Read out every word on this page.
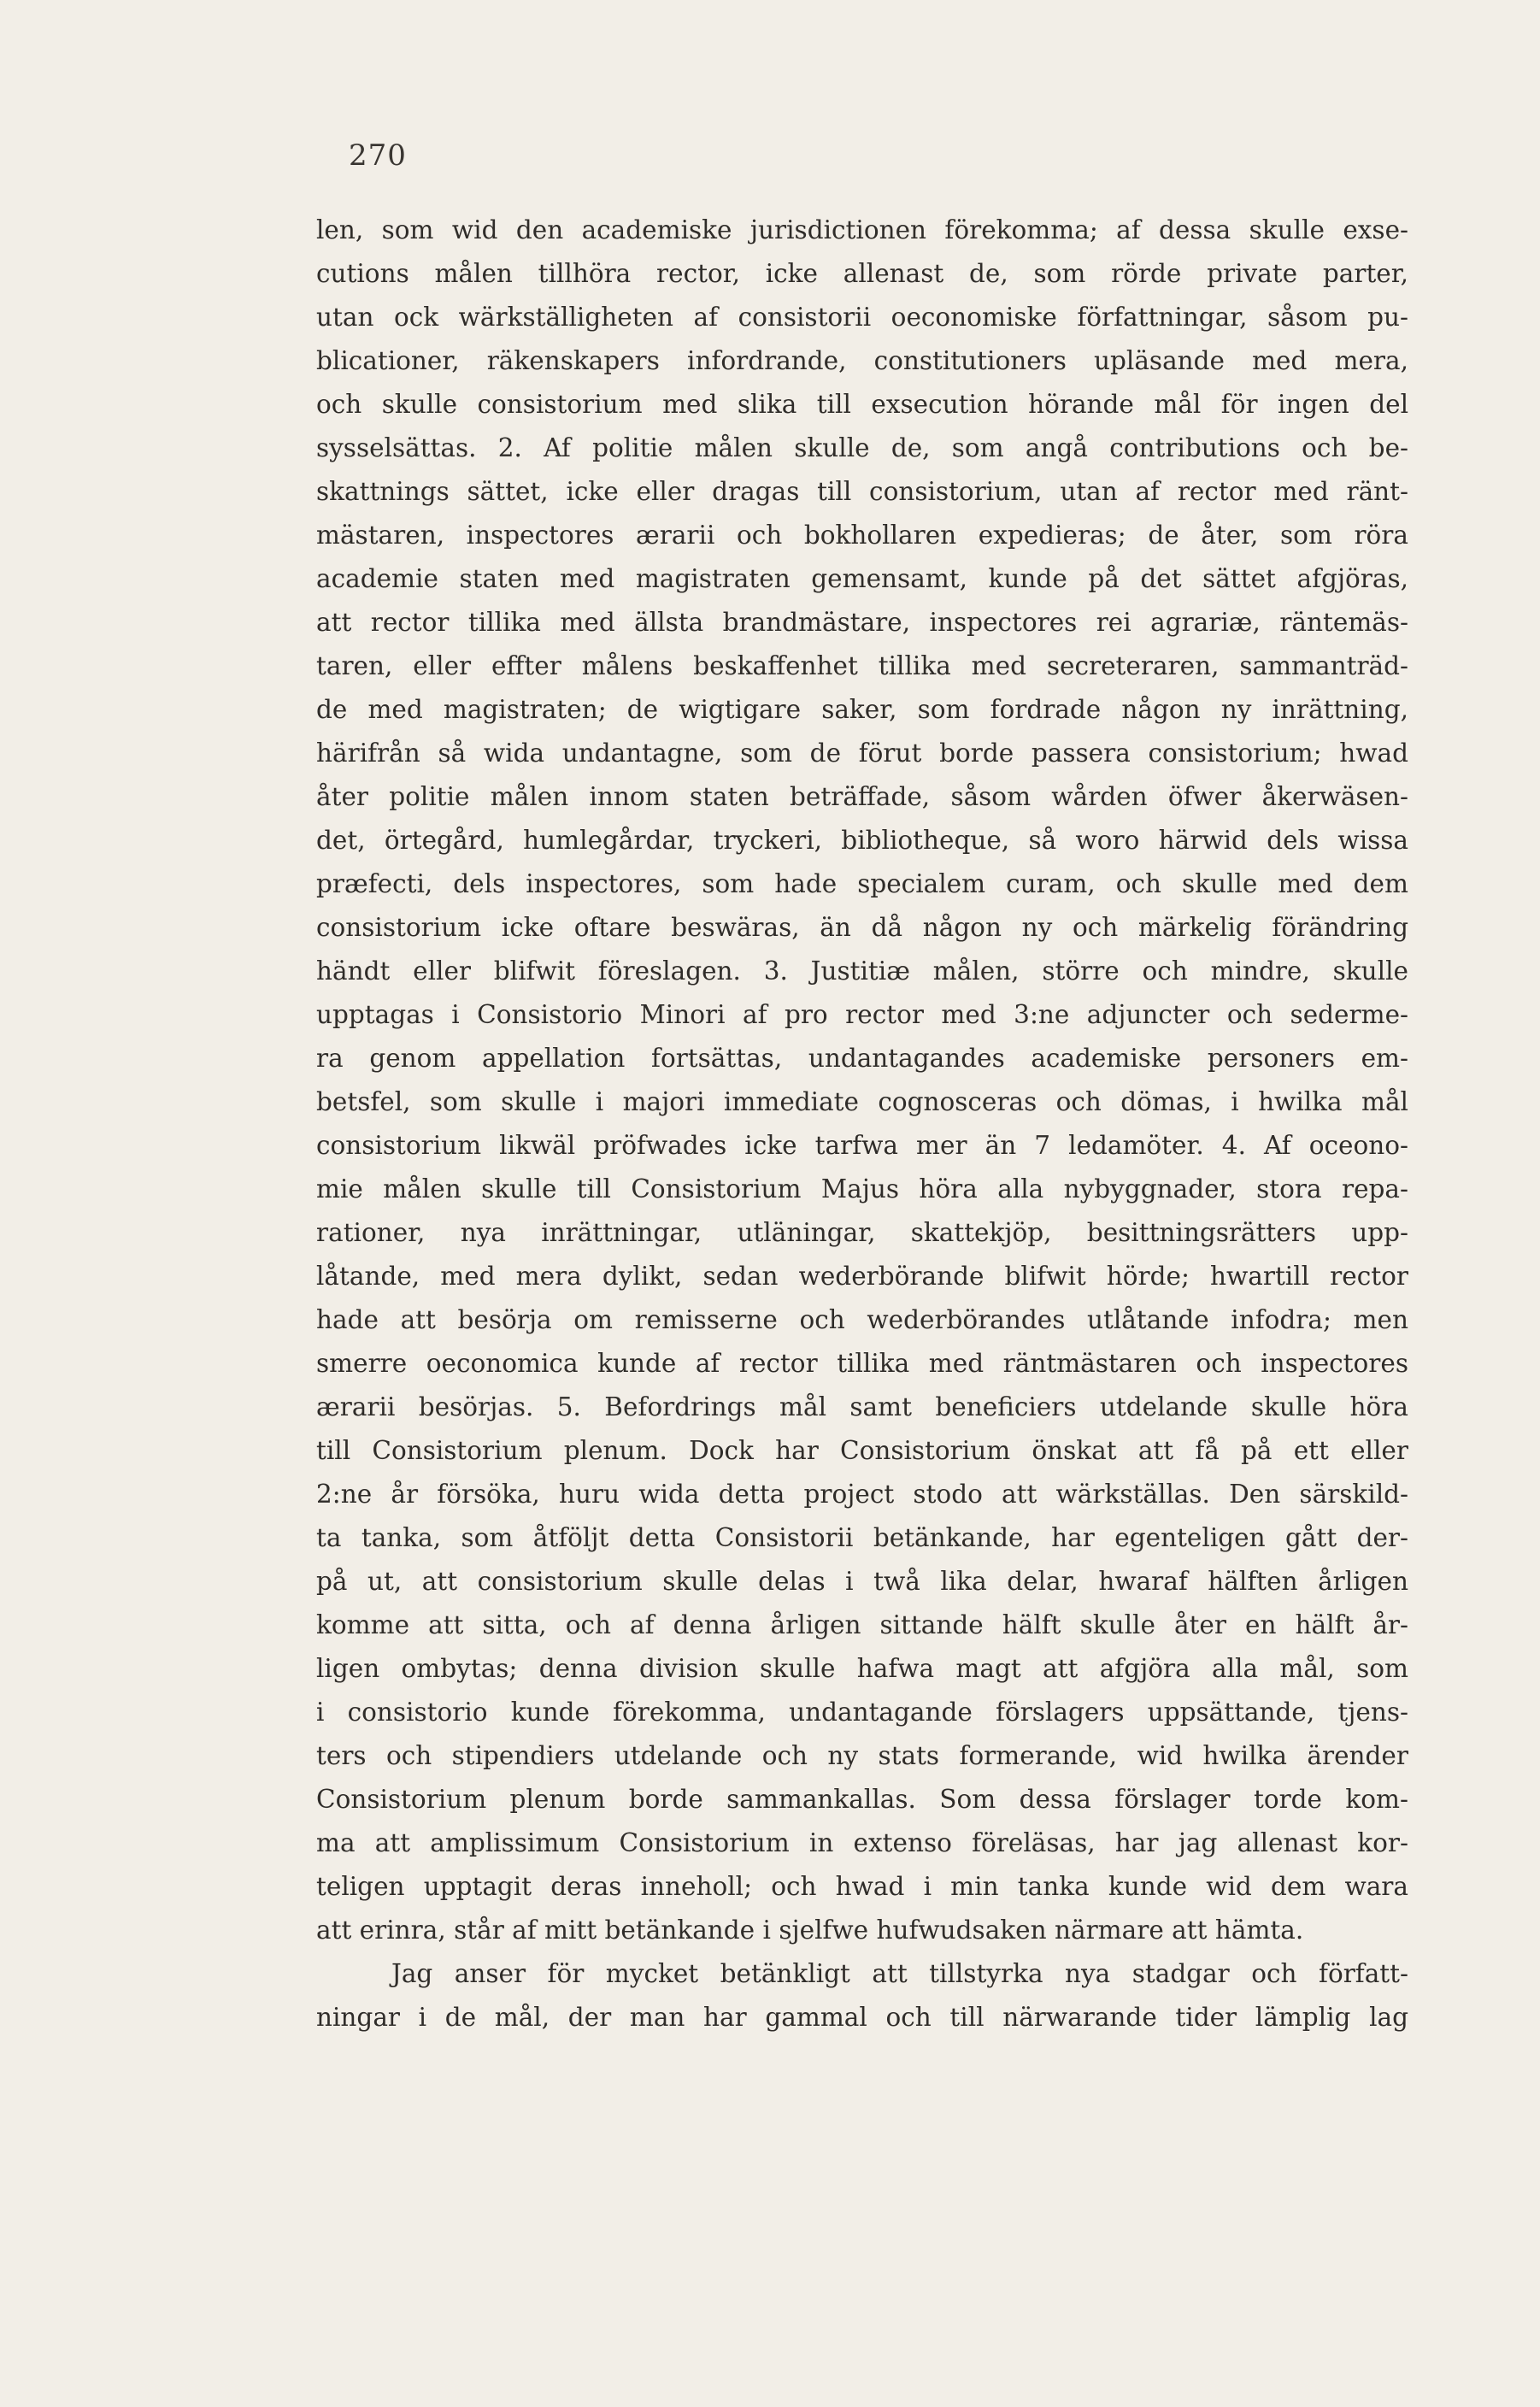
270
len, som wid den academiske jurisdictionen förekomma; af dessa skulle exse-
cutions målen tillhöra rector, icke allenast de, som rörde private parter,
utan ock wärkställigheten af consistorii oeconomiske författningar, såsom pu-
blicationer, räkenskapers infordrande, constitutioners upläsande med mera,
och skulle consistorium med slika till exsecution hörande mål för ingen del
sysselsättas. 2. Af politie målen skulle de, som angå contributions och be-
skattnings sättet, icke eller dragas till consistorium, utan af rector med ränt-
mästaren, inspectores ærarii och bokhollaren expedieras; de åter, som röra
academie staten med magistraten gemensamt, kunde på det sättet afgjöras,
att rector tillika med ällsta brandmästare, inspectores rei agrariæ, räntemäs-
taren, eller effter målens beskaffenhet tillika med secreteraren, sammanträd-
de med magistraten; de wigtigare saker, som fordrade någon ny inrättning,
härifrån så wida undantagne, som de förut borde passera consistorium; hwad
åter politie målen innom staten beträffade, såsom wården öfwer åkerwäsen-
det, örtegård, humlegårdar, tryckeri, bibliotheque, så woro härwid dels wissa
præfecti, dels inspectores, som hade specialem curam, och skulle med dem
consistorium icke oftare beswäras, än då någon ny och märkelig förändring
händt eller blifwit föreslagen. 3. Justitiæ målen, större och mindre, skulle
upptagas i Consistorio Minori af pro rector med 3:ne adjuncter och sederme-
ra genom appellation fortsättas, undantagandes academiske personers em-
betsfel, som skulle i majori immediate cognosceras och dömas, i hwilka mål
consistorium likwäl pröfwades icke tarfwa mer än 7 ledamöter. 4. Af oceono-
mie målen skulle till Consistorium Majus höra alla nybyggnader, stora repa-
rationer, nya inrättningar, utläningar, skattekjöp, besittningsrätters upp-
låtande, med mera dylikt, sedan wederbörande blifwit hörde; hwartill rector
hade att besörja om remisserne och wederbörandes utlåtande infodra; men
smerre oeconomica kunde af rector tillika med räntmästaren och inspectores
ærarii besörjas. 5. Befordrings mål samt beneficiers utdelande skulle höra
till Consistorium plenum. Dock har Consistorium önskat att få på ett eller
2:ne år försöka, huru wida detta project stodo att wärkställas. Den särskild-
ta tanka, som åtföljt detta Consistorii betänkande, har egenteligen gått der-
på ut, att consistorium skulle delas i twå lika delar, hwaraf hälften årligen
komme att sitta, och af denna årligen sittande hälft skulle åter en hälft år-
ligen ombytas; denna division skulle hafwa magt att afgjöra alla mål, som
i consistorio kunde förekomma, undantagande förslagers uppsättande, tjens-
ters och stipendiers utdelande och ny stats formerande, wid hwilka ärender
Consistorium plenum borde sammankallas. Som dessa förslager torde kom-
ma att amplissimum Consistorium in extenso föreläsas, har jag allenast kor-
teligen upptagit deras inneholl; och hwad i min tanka kunde wid dem wara
att erinra, står af mitt betänkande i sjelfwe hufwudsaken närmare att hämta.
Jag anser för mycket betänkligt att tillstyrka nya stadgar och författ-
ningar i de mål, der man har gammal och till närwarande tider lämplig lag
